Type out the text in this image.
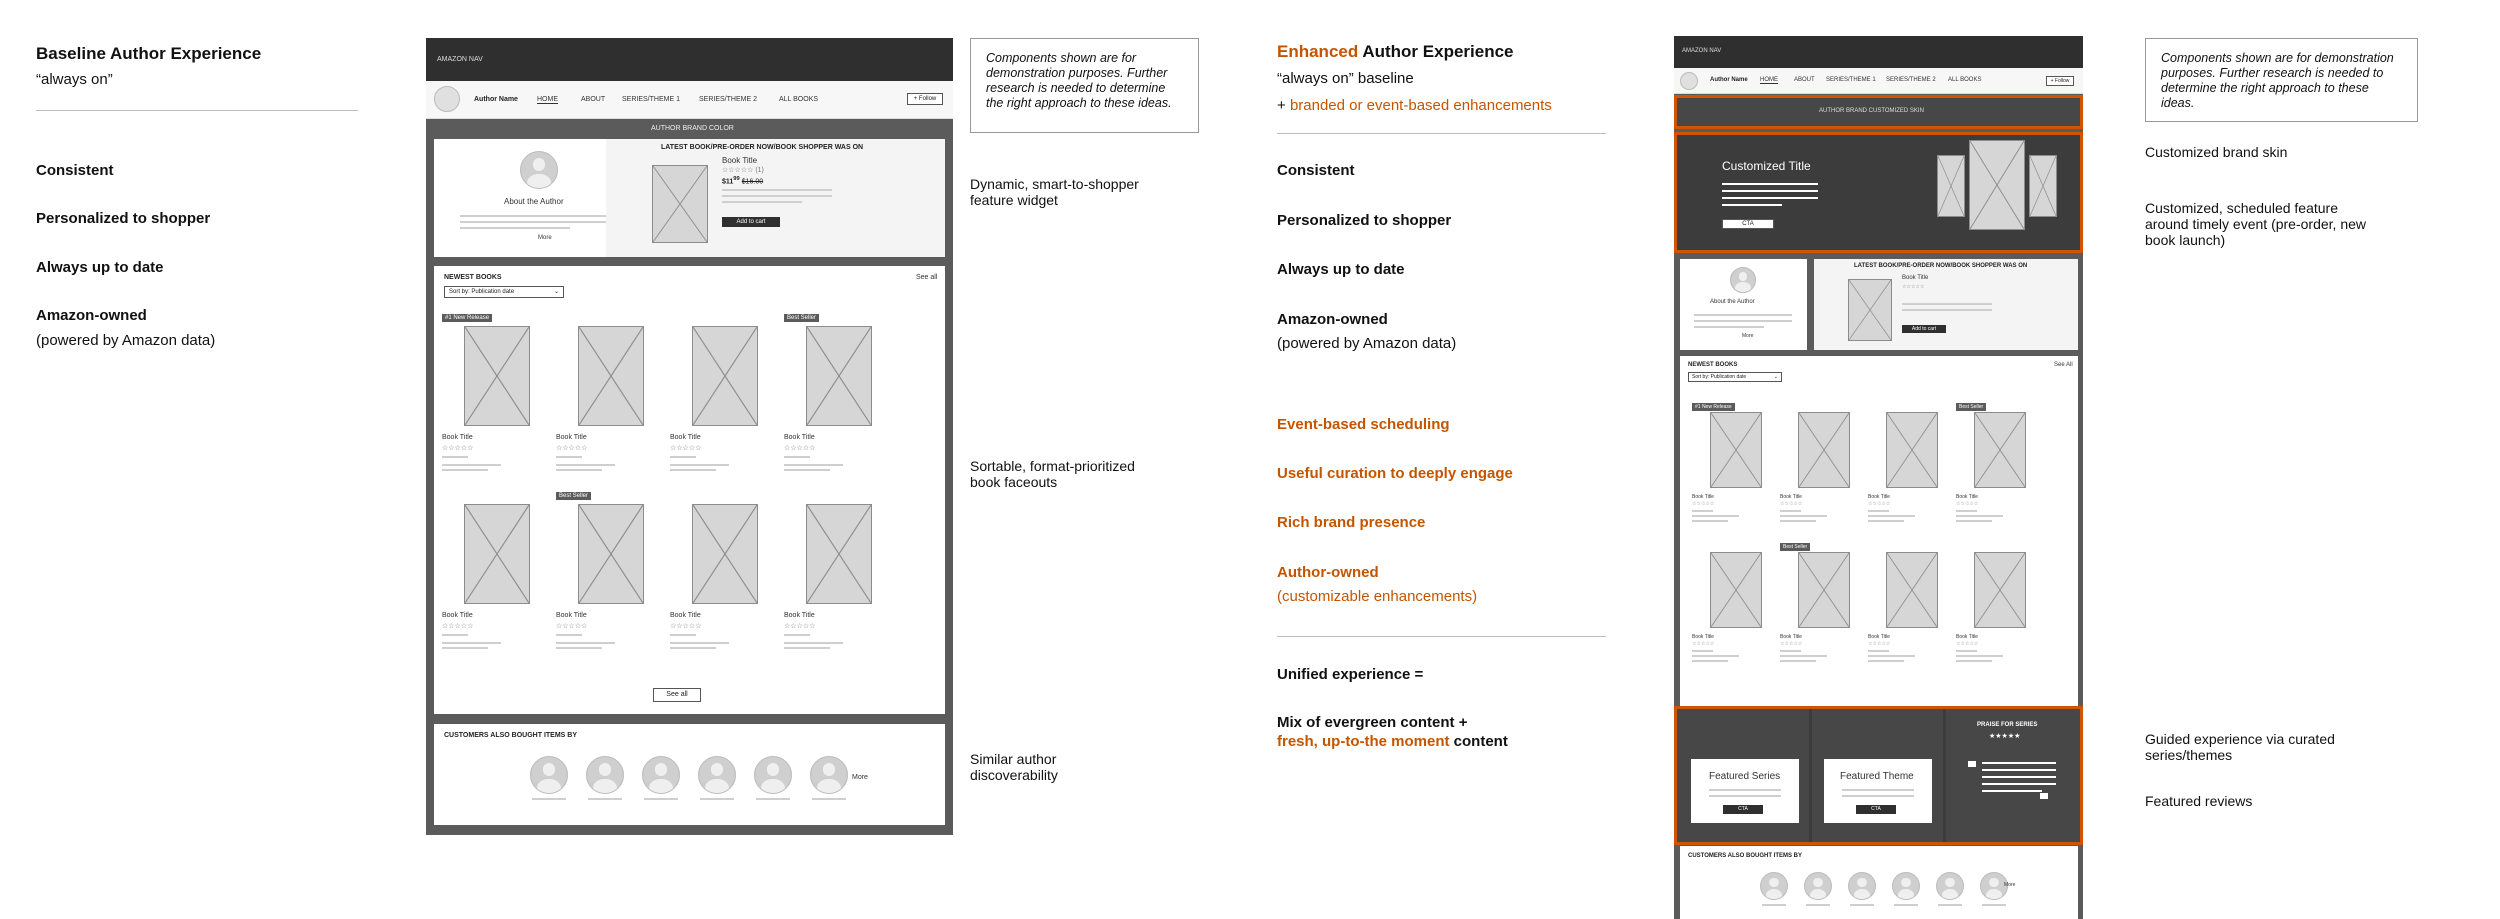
Baseline Author Experience
“always on”
Consistent
Personalized to shopper
Always up to date
Amazon-owned
(powered by Amazon data)
AMAZON NAV
Author Name	HOME	ABOUT SERIES/THEME 1	SERIES/THEME 2	ALL BOOKS	+ Follow
AUTHOR BRAND COLOR
About the Author
More
LATEST BOOK/PRE-ORDER NOW/BOOK SHOPPER WAS ON
Book Title
☆☆☆☆☆ (1)
$\$11^{99}$ $16.00
Add to cart
NEWEST BOOKS	See all
Sort by: Publication date	⌄
#1 New Release
Book Title
☆☆☆☆☆
Book Title
☆☆☆☆☆
Book Title
☆☆☆☆☆
Best Seller
Book Title
☆☆☆☆☆
Book Title
☆☆☆☆☆
Best Seller
Book Title
☆☆☆☆☆
Book Title
☆☆☆☆☆
Book Title
☆☆☆☆☆
See all
CUSTOMERS ALSO BOUGHT ITEMS BY
More
Components shown are for demonstration purposes. Further research is needed to determine the right approach to these ideas.
Dynamic, smart-to-shopper feature widget
Sortable, format-prioritized book faceouts
Similar author discoverability
Enhanced Author Experience
“always on” baseline
+ branded or event-based enhancements
Consistent
Personalized to shopper
Always up to date
Amazon-owned
(powered by Amazon data)
Event-based scheduling
Useful curation to deeply engage
Rich brand presence
Author-owned
(customizable enhancements)
Unified experience =
Mix of evergreen content +
fresh, up-to-the moment content
AMAZON NAV
Author Name HOME	ABOUT SERIES/THEME 1 SERIES/THEME 2 ALL BOOKS	+ Follow
AUTHOR BRAND CUSTOMIZED SKIN
Customized Title
CTA
About the Author
More
LATEST BOOK/PRE-ORDER NOW/BOOK SHOPPER WAS ON
Book Title
☆☆☆☆☆
Add to cart
NEWEST BOOKS	See All
Sort by: Publication date	⌄
#1 New Release
Book Title
☆☆☆☆☆
Book Title
☆☆☆☆☆
Book Title
☆☆☆☆☆
Best Seller
Book Title
☆☆☆☆☆
Book Title
☆☆☆☆☆
Best Seller
Book Title
☆☆☆☆☆
Book Title
☆☆☆☆☆
Book Title
☆☆☆☆☆
Featured Series
CTA
Featured Theme
CTA
PRAISE FOR SERIES
★★★★★
CUSTOMERS ALSO BOUGHT ITEMS BY
More
Components shown are for demonstration purposes. Further research is needed to determine the right approach to these ideas.
Customized brand skin
Customized, scheduled feature around timely event (pre-order, new book launch)
Guided experience via curated series/themes
Featured reviews
